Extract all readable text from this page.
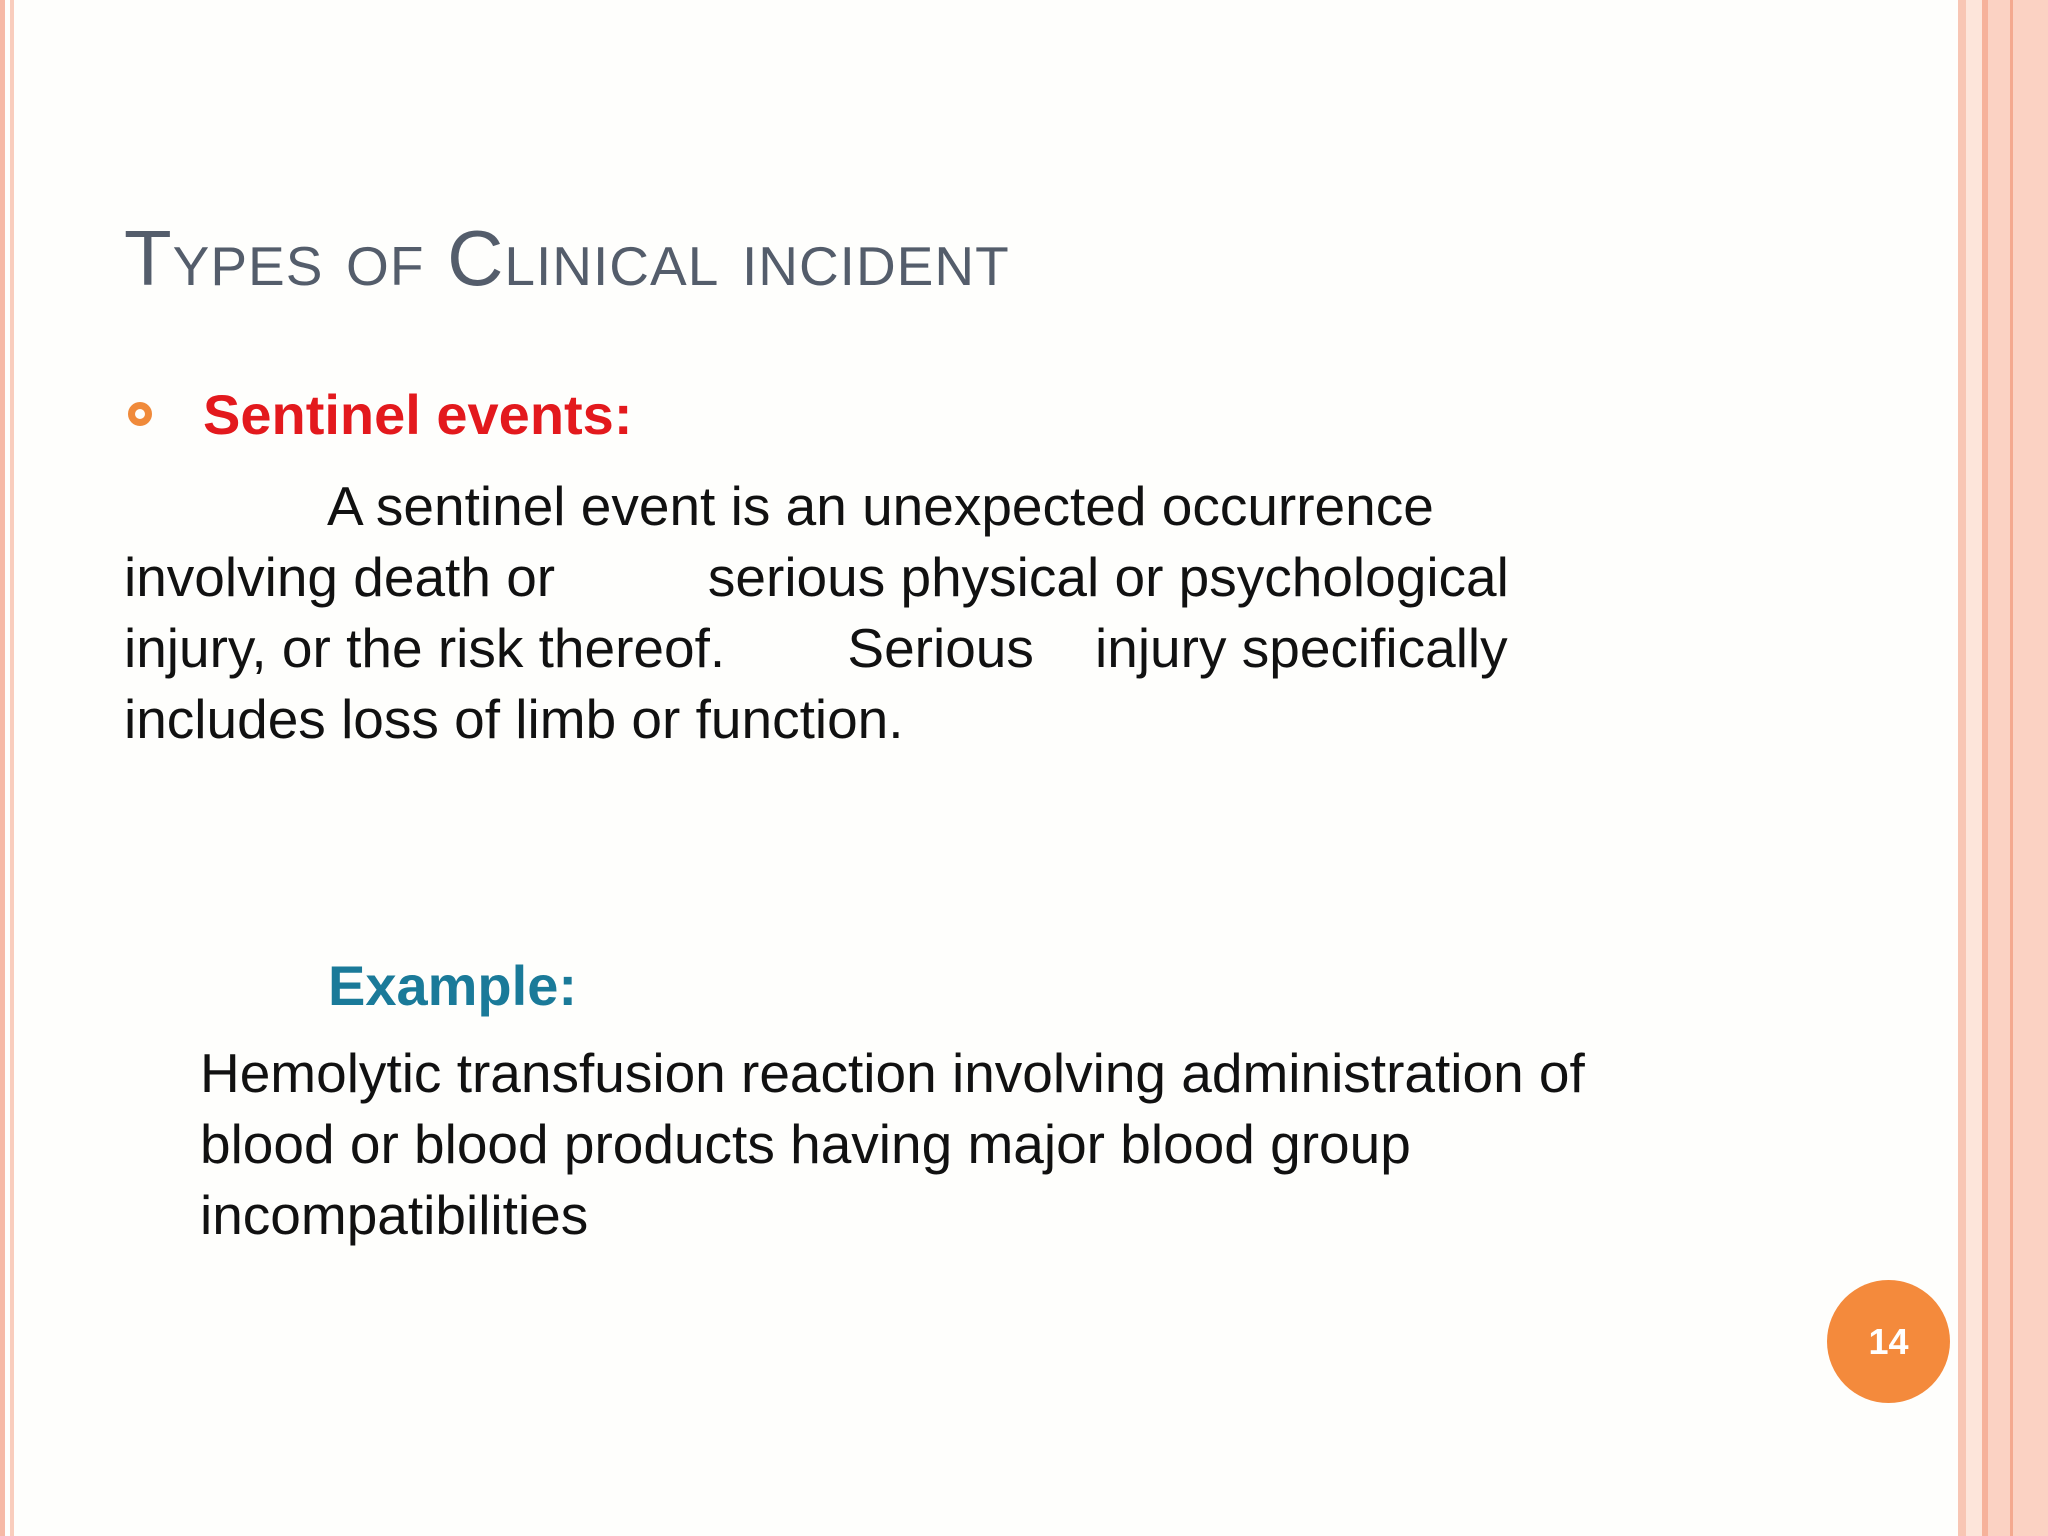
Types of Clinical incident
Sentinel events:
A sentinel event is an unexpected occurrence
involving death or          serious physical or psychological
injury, or the risk thereof.        Serious    injury specifically
includes loss of limb or function.
Example:
Hemolytic transfusion reaction involving administration of
blood or blood products having major blood group
incompatibilities
14
